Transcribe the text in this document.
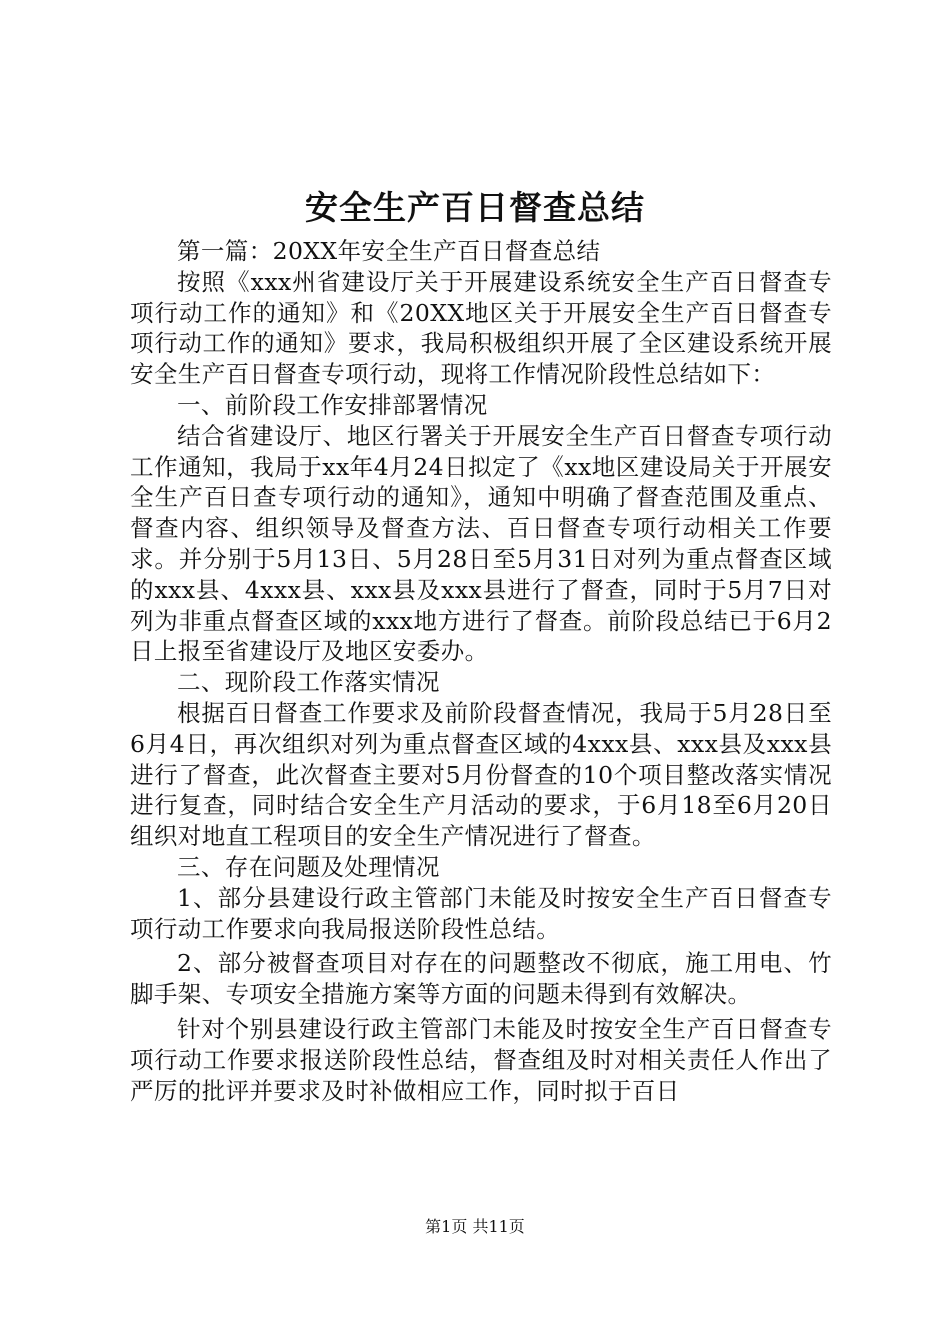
安全生产百日督查总结

第一篇：20XX年安全生产百日督查总结

按照《xxx州省建设厅关于开展建设系统安全生产百日督查专项行动工作的通知》和《20XX地区关于开展安全生产百日督查专项行动工作的通知》要求，我局积极组织开展了全区建设系统开展安全生产百日督查专项行动，现将工作情况阶段性总结如下：

一、前阶段工作安排部署情况

结合省建设厅、地区行署关于开展安全生产百日督查专项行动工作通知，我局于xx年4月24日拟定了《xx地区建设局关于开展安全生产百日查专项行动的通知》，通知中明确了督查范围及重点、督查内容、组织领导及督查方法、百日督查专项行动相关工作要求。并分别于5月13日、5月28日至5月31日对列为重点督查区域的xxx县、4xxx县、xxx县及xxx县进行了督查，同时于5月7日对列为非重点督查区域的xxx地方进行了督查。前阶段总结已于6月2日上报至省建设厅及地区安委办。

二、现阶段工作落实情况

根据百日督查工作要求及前阶段督查情况，我局于5月28日至6月4日，再次组织对列为重点督查区域的4xxx县、xxx县及xxx县进行了督查，此次督查主要对5月份督查的10个项目整改落实情况进行复查，同时结合安全生产月活动的要求，于6月18至6月20日组织对地直工程项目的安全生产情况进行了督查。

三、存在问题及处理情况

1、部分县建设行政主管部门未能及时按安全生产百日督查专项行动工作要求向我局报送阶段性总结。

2、部分被督查项目对存在的问题整改不彻底，施工用电、竹脚手架、专项安全措施方案等方面的问题未得到有效解决。

针对个别县建设行政主管部门未能及时按安全生产百日督查专项行动工作要求报送阶段性总结，督查组及时对相关责任人作出了严厉的批评并要求及时补做相应工作，同时拟于百日

第1页 共11页
